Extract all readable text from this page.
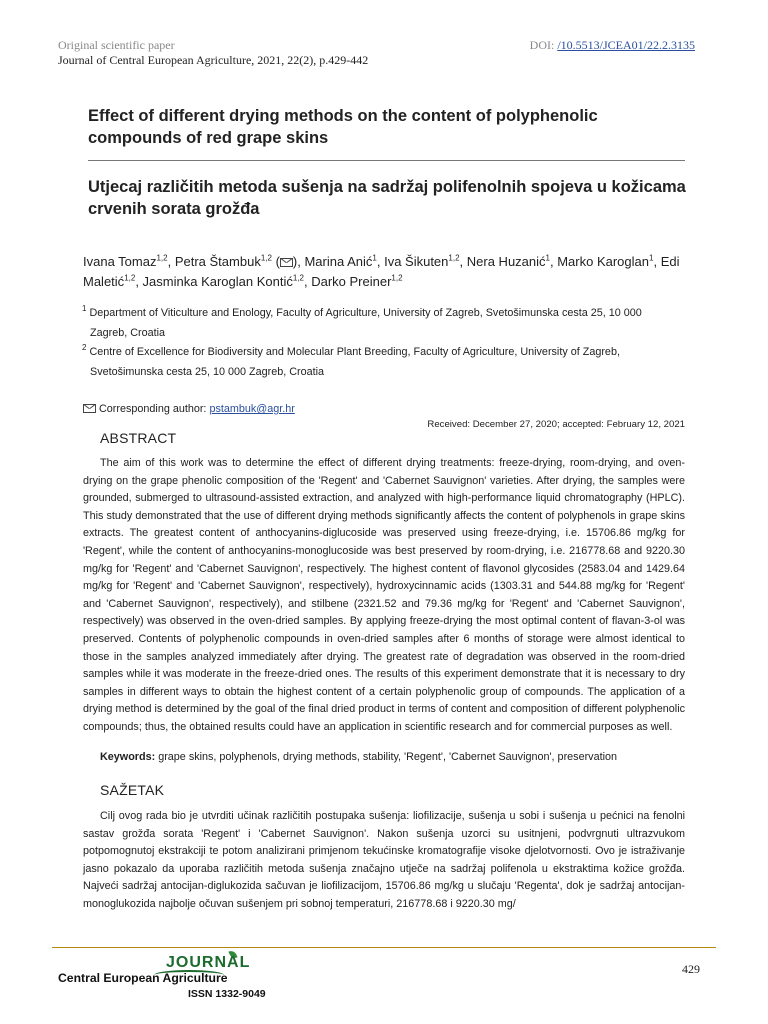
Original scientific paper
Journal of Central European Agriculture, 2021, 22(2), p.429-442
DOI: /10.5513/JCEA01/22.2.3135
Effect of different drying methods on the content of polyphenolic compounds of red grape skins
Utjecaj različitih metoda sušenja na sadržaj polifenolnih spojeva u kožicama crvenih sorata grožđa
Ivana Tomaz$^{1,2}$, Petra Štambuk$^{1,2}$ ( ), Marina Anić$^1$, Iva Šikuten$^{1,2}$, Nera Huzanić$^1$, Marko Karoglan$^1$, Edi Maletić$^{1,2}$, Jasminka Karoglan Kontić$^{1,2}$, Darko Preiner$^{1,2}$
$^1$ Department of Viticulture and Enology, Faculty of Agriculture, University of Zagreb, Svetošimunska cesta 25, 10 000
Zagreb, Croatia
$^2$ Centre of Excellence for Biodiversity and Molecular Plant Breeding, Faculty of Agriculture, University of Zagreb,
Svetošimunska cesta 25, 10 000 Zagreb, Croatia
Corresponding author: pstambuk@agr.hr
Received: December 27, 2020; accepted: February 12, 2021
ABSTRACT
The aim of this work was to determine the effect of different drying treatments: freeze-drying, room-drying, and oven-drying on the grape phenolic composition of the 'Regent' and 'Cabernet Sauvignon' varieties. After drying, the samples were grounded, submerged to ultrasound-assisted extraction, and analyzed with high-performance liquid chromatography (HPLC). This study demonstrated that the use of different drying methods significantly affects the content of polyphenols in grape skins extracts. The greatest content of anthocyanins-diglucoside was preserved using freeze-drying, i.e. 15706.86 mg/kg for 'Regent', while the content of anthocyanins-monoglucoside was best preserved by room-drying, i.e. 216778.68 and 9220.30 mg/kg for 'Regent' and 'Cabernet Sauvignon', respectively. The highest content of flavonol glycosides (2583.04 and 1429.64 mg/kg for 'Regent' and 'Cabernet Sauvignon', respectively), hydroxycinnamic acids (1303.31 and 544.88 mg/kg for 'Regent' and 'Cabernet Sauvignon', respectively), and stilbene (2321.52 and 79.36 mg/kg for 'Regent' and 'Cabernet Sauvignon', respectively) was observed in the oven-dried samples. By applying freeze-drying the most optimal content of flavan-3-ol was preserved. Contents of polyphenolic compounds in oven-dried samples after 6 months of storage were almost identical to those in the samples analyzed immediately after drying. The greatest rate of degradation was observed in the room-dried samples while it was moderate in the freeze-dried ones. The results of this experiment demonstrate that it is necessary to dry samples in different ways to obtain the highest content of a certain polyphenolic group of compounds. The application of a drying method is determined by the goal of the final dried product in terms of content and composition of different polyphenolic compounds; thus, the obtained results could have an application in scientific research and for commercial purposes as well.
Keywords: grape skins, polyphenols, drying methods, stability, 'Regent', 'Cabernet Sauvignon', preservation
SAŽETAK
Cilj ovog rada bio je utvrditi učinak različitih postupaka sušenja: liofilizacije, sušenja u sobi i sušenja u pećnici na fenolni sastav grožđa sorata 'Regent' i 'Cabernet Sauvignon'. Nakon sušenja uzorci su usitnjeni, podvrgnuti ultrazvukom potpomognutoj ekstrakciji te potom analizirani primjenom tekućinske kromatografije visoke djelotvornosti. Ovo je istraživanje jasno pokazalo da uporaba različitih metoda sušenja značajno utječe na sadržaj polifenola u ekstraktima kožice grožđa. Najveći sadržaj antocijan-diglukozida sačuvan je liofilizacijom, 15706.86 mg/kg u slučaju 'Regenta', dok je sadržaj antocijan-monoglukozida najbolje očuvan sušenjem pri sobnoj temperaturi, 216778.68 i 9220.30 mg/
JOURNAL
Central European Agriculture
ISSN 1332-9049
429
